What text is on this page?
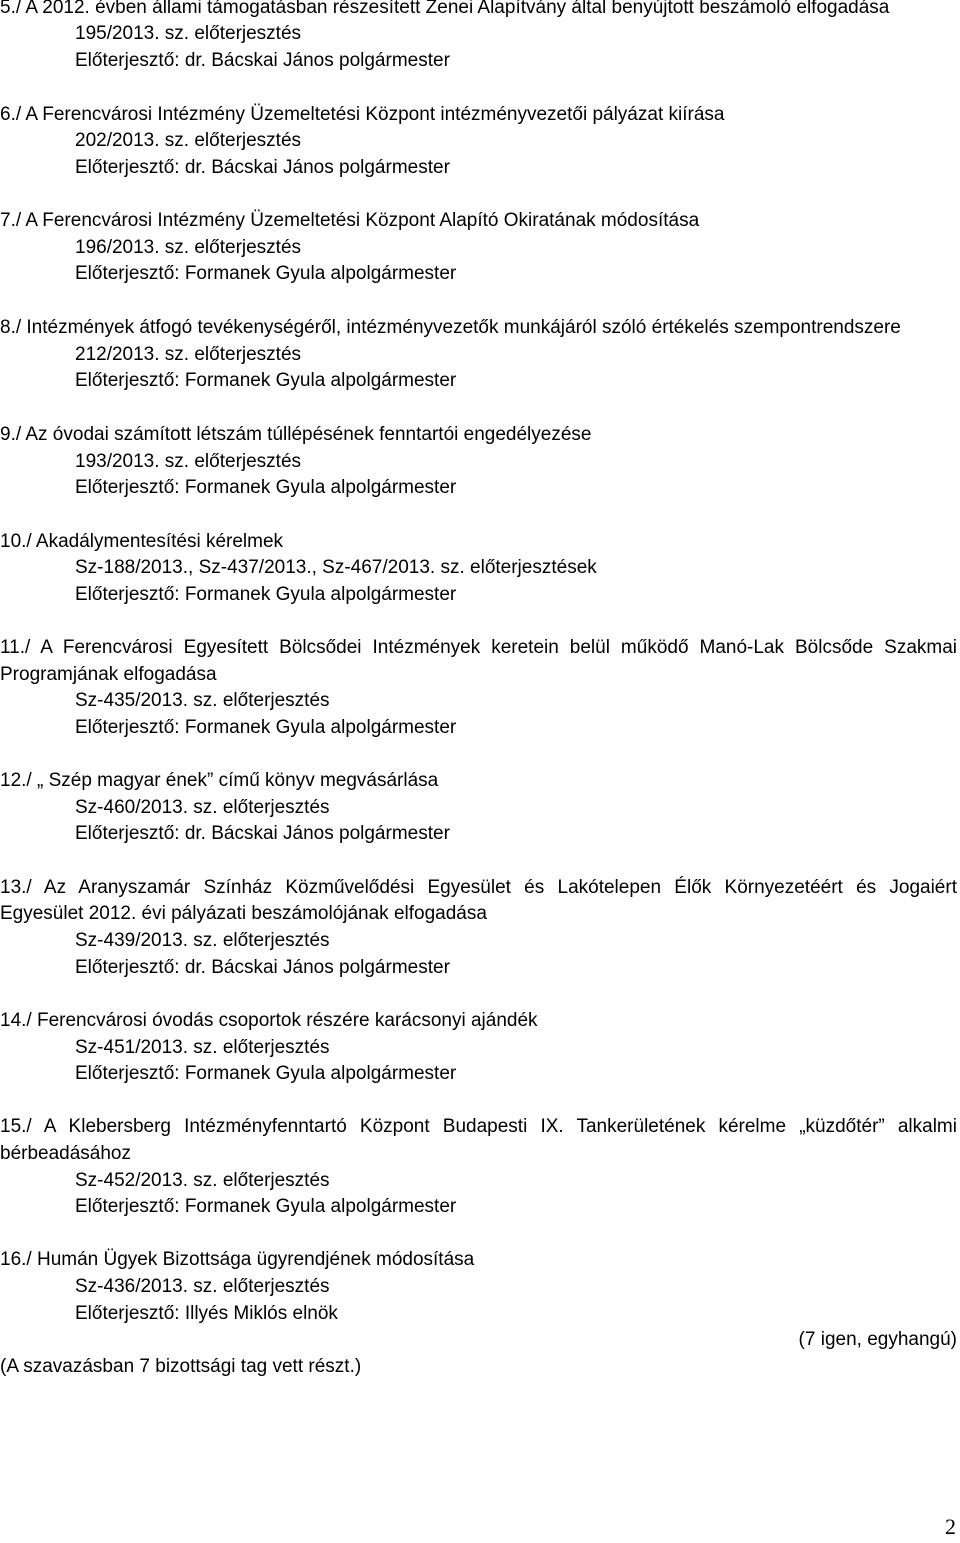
5./ A 2012. évben állami támogatásban részesített Zenei Alapítvány által benyújtott beszámoló elfogadása
195/2013. sz. előterjesztés
Előterjesztő: dr. Bácskai János polgármester
6./ A Ferencvárosi Intézmény Üzemeltetési Központ intézményvezetői pályázat kiírása
202/2013. sz. előterjesztés
Előterjesztő: dr. Bácskai János polgármester
7./ A Ferencvárosi Intézmény Üzemeltetési Központ Alapító Okiratának módosítása
196/2013. sz. előterjesztés
Előterjesztő: Formanek Gyula alpolgármester
8./ Intézmények átfogó tevékenységéről, intézményvezetők munkájáról szóló értékelés szempontrendszere
212/2013. sz. előterjesztés
Előterjesztő: Formanek Gyula alpolgármester
9./ Az óvodai számított létszám túllépésének fenntartói engedélyezése
193/2013. sz. előterjesztés
Előterjesztő: Formanek Gyula alpolgármester
10./ Akadálymentesítési kérelmek
Sz-188/2013., Sz-437/2013., Sz-467/2013. sz. előterjesztések
Előterjesztő: Formanek Gyula alpolgármester
11./ A Ferencvárosi Egyesített Bölcsődei Intézmények keretein belül működő Manó-Lak Bölcsőde Szakmai
Programjának elfogadása
Sz-435/2013. sz. előterjesztés
Előterjesztő: Formanek Gyula alpolgármester
12./ „ Szép magyar ének” című könyv megvásárlása
Sz-460/2013. sz. előterjesztés
Előterjesztő: dr. Bácskai János polgármester
13./ Az Aranyszamár Színház Közművelődési Egyesület és Lakótelepen Élők Környezetéért és Jogaiért
Egyesület 2012. évi pályázati beszámolójának elfogadása
Sz-439/2013. sz. előterjesztés
Előterjesztő: dr. Bácskai János polgármester
14./ Ferencvárosi óvodás csoportok részére karácsonyi ajándék
Sz-451/2013. sz. előterjesztés
Előterjesztő: Formanek Gyula alpolgármester
15./ A Klebersberg Intézményfenntartó Központ Budapesti IX. Tankerületének kérelme „küzdőtér” alkalmi
bérbeadásához
Sz-452/2013. sz. előterjesztés
Előterjesztő: Formanek Gyula alpolgármester
16./ Humán Ügyek Bizottsága ügyrendjének módosítása
Sz-436/2013. sz. előterjesztés
Előterjesztő: Illyés Miklós elnök
(7 igen, egyhangú)
(A szavazásban 7 bizottsági tag vett részt.)
2
